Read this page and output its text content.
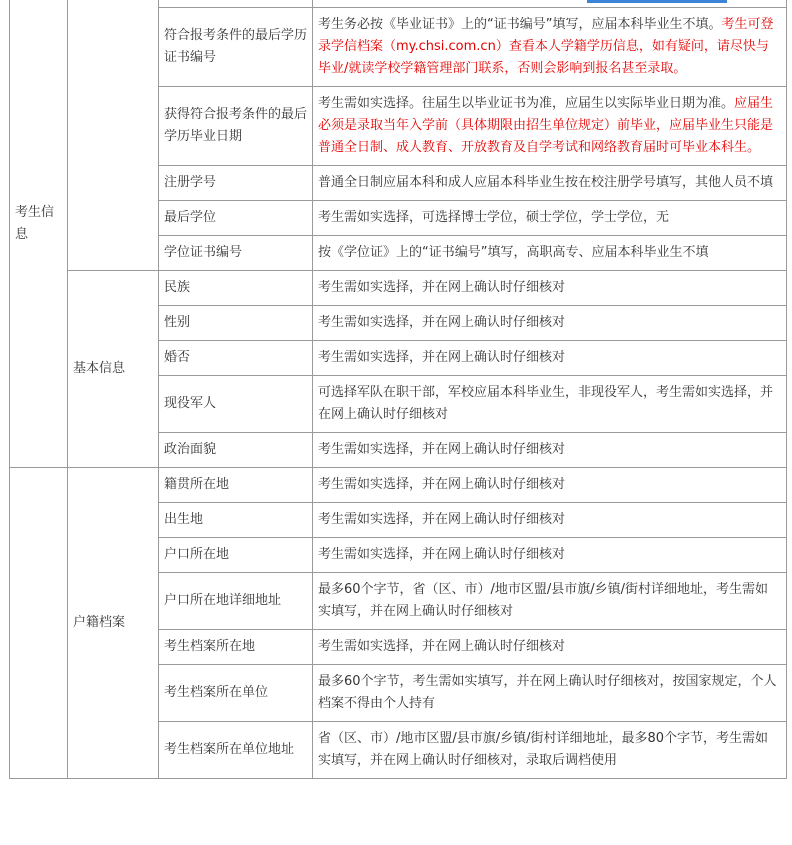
考生信息			
		符合报考条件的最后学历证书编号	考生务必按《毕业证书》上的“证书编号”填写，应届本科毕业生不填。考生可登录学信档案（my.chsi.com.cn）查看本人学籍学历信息，如有疑问，请尽快与毕业/就读学校学籍管理部门联系，否则会影响到报名甚至录取。
		获得符合报考条件的最后学历毕业日期	考生需如实选择。往届生以毕业证书为准，应届生以实际毕业日期为准。应届生必须是录取当年入学前（具体期限由招生单位规定）前毕业，应届毕业生只能是普通全日制、成人教育、开放教育及自学考试和网络教育届时可毕业本科生。
		注册学号	普通全日制应届本科和成人应届本科毕业生按在校注册学号填写，其他人员不填
		最后学位	考生需如实选择，可选择博士学位，硕士学位，学士学位，无
		学位证书编号	按《学位证》上的“证书编号”填写，高职高专、应届本科毕业生不填
	基本信息	民族	考生需如实选择，并在网上确认时仔细核对
		性别	考生需如实选择，并在网上确认时仔细核对
		婚否	考生需如实选择，并在网上确认时仔细核对
		现役军人	可选择军队在职干部，军校应届本科毕业生，非现役军人，考生需如实选择，并在网上确认时仔细核对
		政治面貌	考生需如实选择，并在网上确认时仔细核对
	户籍档案	籍贯所在地	考生需如实选择，并在网上确认时仔细核对
		出生地	考生需如实选择，并在网上确认时仔细核对
		户口所在地	考生需如实选择，并在网上确认时仔细核对
		户口所在地详细地址	最多60个字节，省（区、市）/地市区盟/县市旗/乡镇/街村详细地址，考生需如实填写，并在网上确认时仔细核对
		考生档案所在地	考生需如实选择，并在网上确认时仔细核对
		考生档案所在单位	最多60个字节，考生需如实填写，并在网上确认时仔细核对，按国家规定，个人档案不得由个人持有
		考生档案所在单位地址	省（区、市）/地市区盟/县市旗/乡镇/街村详细地址，最多80个字节，考生需如实填写，并在网上确认时仔细核对，录取后调档使用
